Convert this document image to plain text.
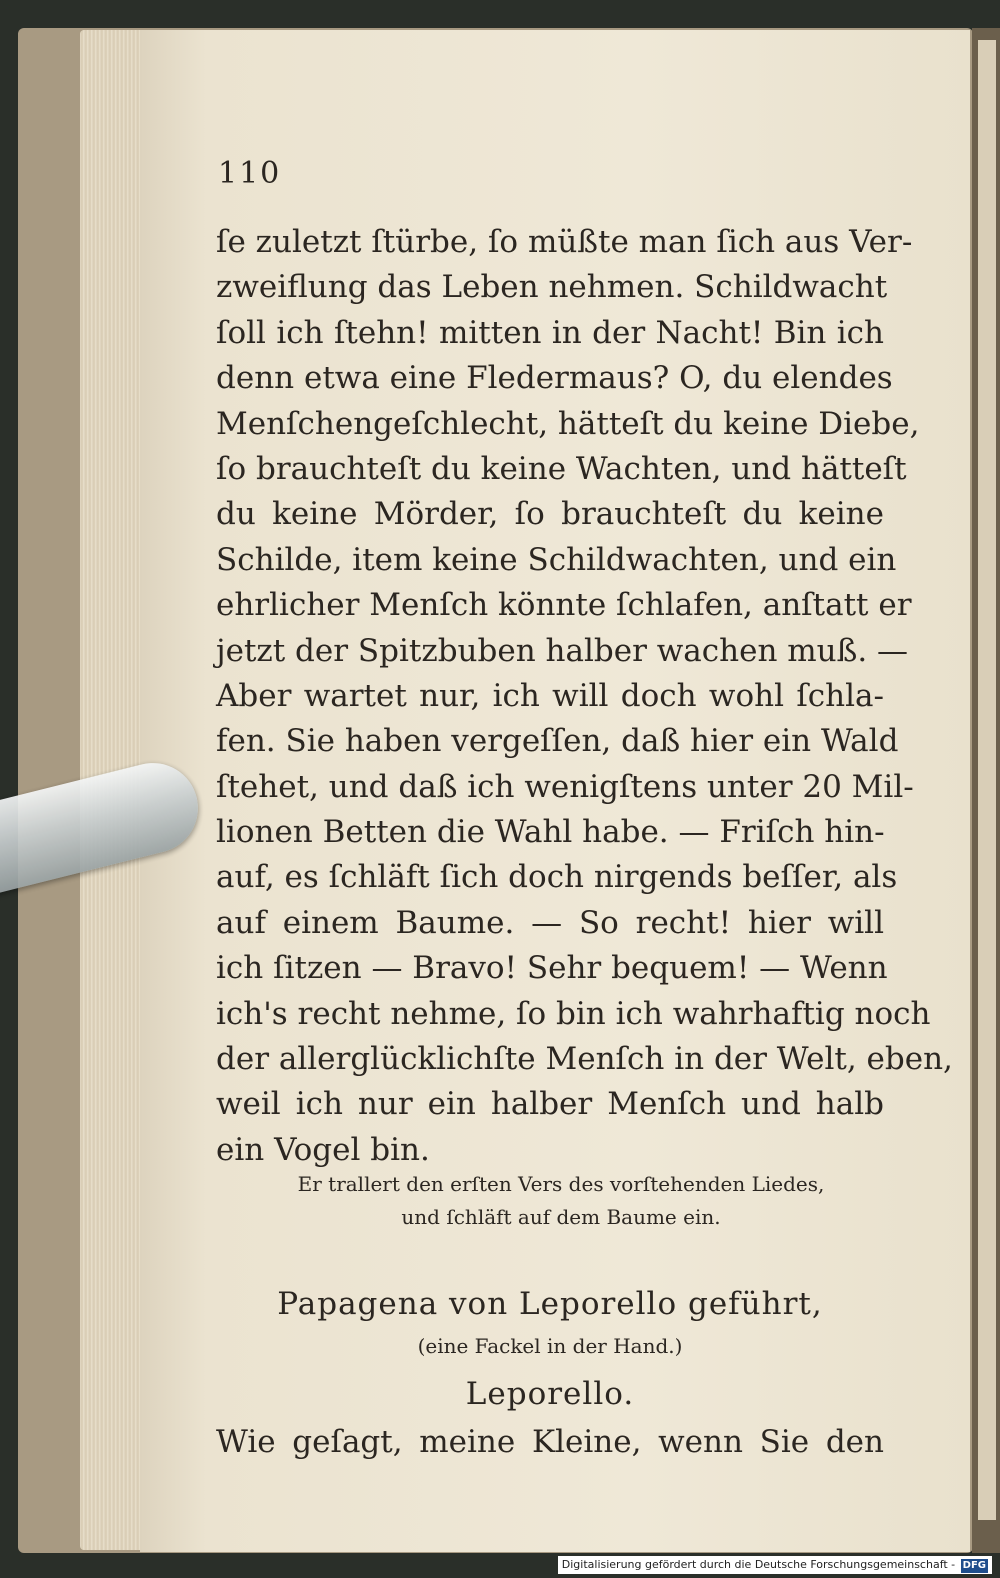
110
ſe zuletzt ſtürbe, ſo müßte man ſich aus Ver-
zweiflung das Leben nehmen. Schildwacht
ſoll ich ſtehn! mitten in der Nacht! Bin ich
denn etwa eine Fledermaus? O, du elendes
Menſchengeſchlecht, hätteſt du keine Diebe,
ſo brauchteſt du keine Wachten, und hätteſt
du keine Mörder, ſo brauchteſt du keine
Schilde, item keine Schildwachten, und ein
ehrlicher Menſch könnte ſchlafen, anſtatt er
jetzt der Spitzbuben halber wachen muß. —
Aber wartet nur, ich will doch wohl ſchla-
fen. Sie haben vergeſſen, daß hier ein Wald
ſtehet, und daß ich wenigſtens unter 20 Mil-
lionen Betten die Wahl habe. — Friſch hin-
auf, es ſchläft ſich doch nirgends beſſer, als
auf einem Baume. — So recht! hier will
ich ſitzen — Bravo! Sehr bequem! — Wenn
ich's recht nehme, ſo bin ich wahrhaftig noch
der allerglücklichſte Menſch in der Welt, eben,
weil ich nur ein halber Menſch und halb
ein Vogel bin.
Er trallert den erſten Vers des vorſtehenden Liedes,
und ſchläft auf dem Baume ein.
Papagena von Leporello geführt,
(eine Fackel in der Hand.)
Leporello.
Wie geſagt, meine Kleine, wenn Sie den
Digitalisierung gefördert durch die Deutsche Forschungsgemeinschaft - DFG
